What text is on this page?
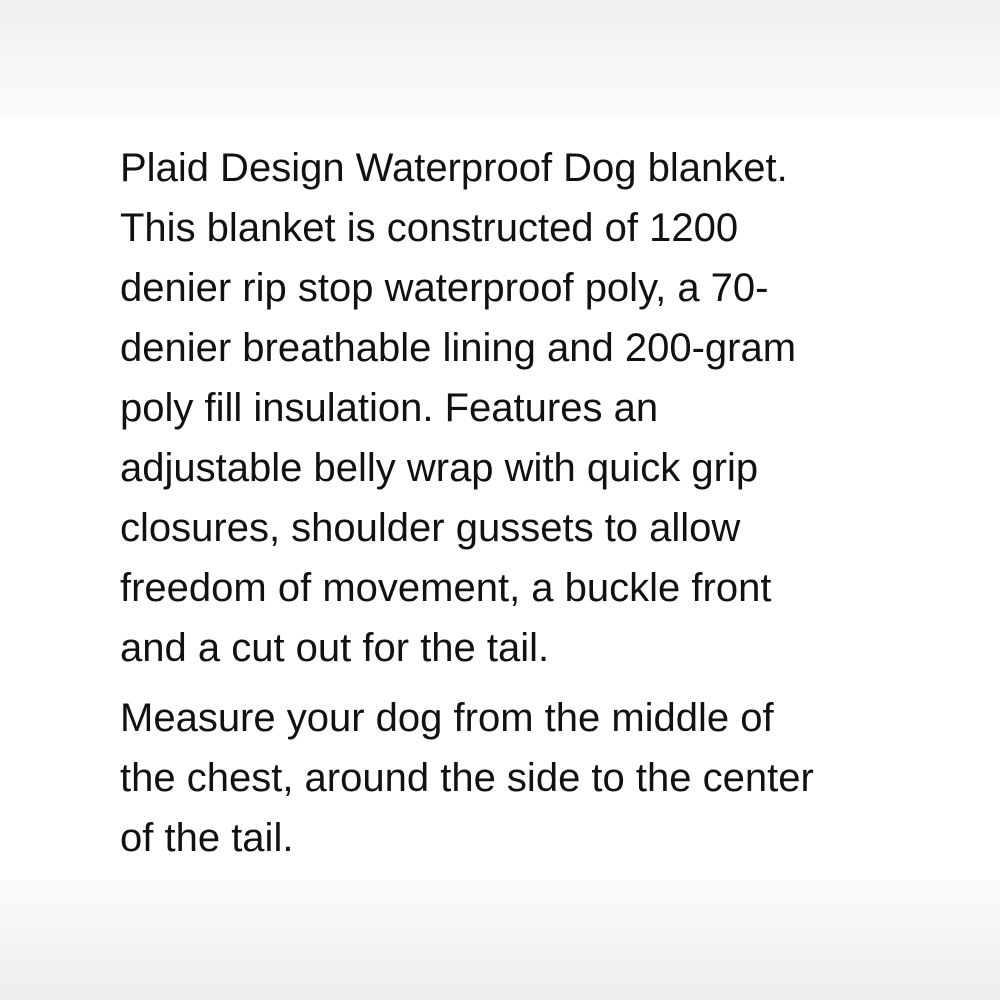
Plaid Design Waterproof Dog blanket.
This blanket is constructed of 1200
denier rip stop waterproof poly, a 70-
denier breathable lining and 200-gram
poly fill insulation. Features an
adjustable belly wrap with quick grip
closures, shoulder gussets to allow
freedom of movement, a buckle front
and a cut out for the tail.
Measure your dog from the middle of
the chest, around the side to the center
of the tail.
